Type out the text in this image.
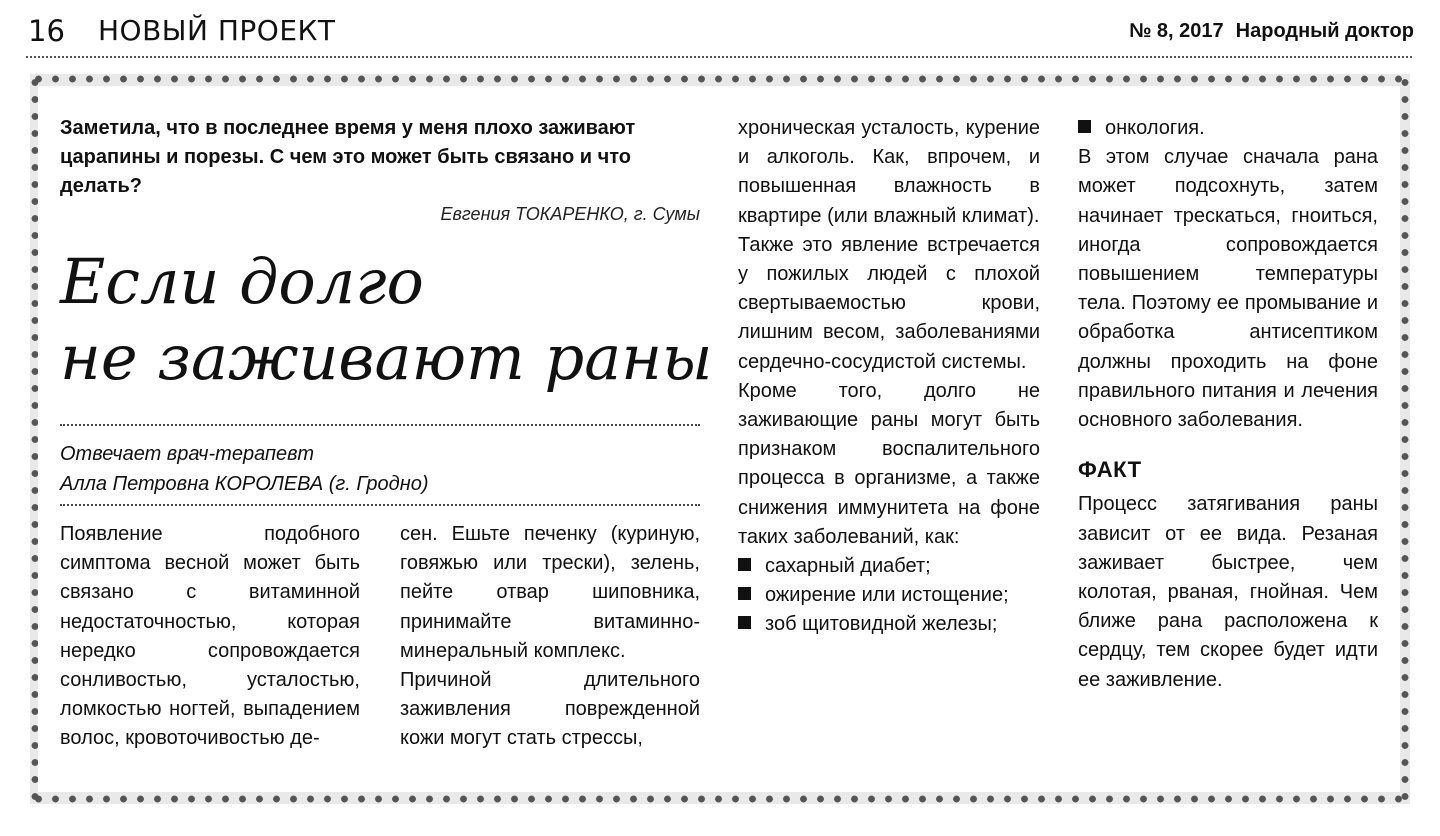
16 НОВЫЙ ПРОЕКТ	№ 8, 2017 Народный доктор
Заметила, что в последнее время у меня плохо заживают царапины и порезы. С чем это может быть связано и что делать?
Евгения ТОКАРЕНКО, г. Сумы
Если долго
не заживают раны
Отвечает врач-терапевт
Алла Петровна КОРОЛЕВА (г. Гродно)

Появление подобного симптома весной может быть связано с витаминной недостаточностью, которая нередко сопровождается сонливостью, усталостью, ломкостью ногтей, выпадением волос, кровоточивостью де-

сен. Ешьте печенку (куриную, говяжью или трески), зелень, пейте отвар шиповника, принимайте витаминно-минеральный комплекс.

Причиной длительного заживления поврежденной кожи могут стать стрессы,

хроническая усталость, курение и алкоголь. Как, впрочем, и повышенная влажность в квартире (или влажный климат).

Также это явление встречается у пожилых людей с плохой свертываемостью крови, лишним весом, заболеваниями сердечно-сосудистой системы.

Кроме того, долго не заживающие раны могут быть признаком воспалительного процесса в организме, а также снижения иммунитета на фоне таких заболеваний, как:

сахарный диабет;

ожирение или истощение;

зоб щитовидной железы;

онкология.

В этом случае сначала рана может подсохнуть, затем начинает трескаться, гноиться, иногда сопровождается повышением температуры тела. Поэтому ее промывание и обработка антисептиком должны проходить на фоне правильного питания и лечения основного заболевания.

ФАКТ

Процесс затягивания раны зависит от ее вида. Резаная заживает быстрее, чем колотая, рваная, гнойная. Чем ближе рана расположена к сердцу, тем скорее будет идти ее заживление.
